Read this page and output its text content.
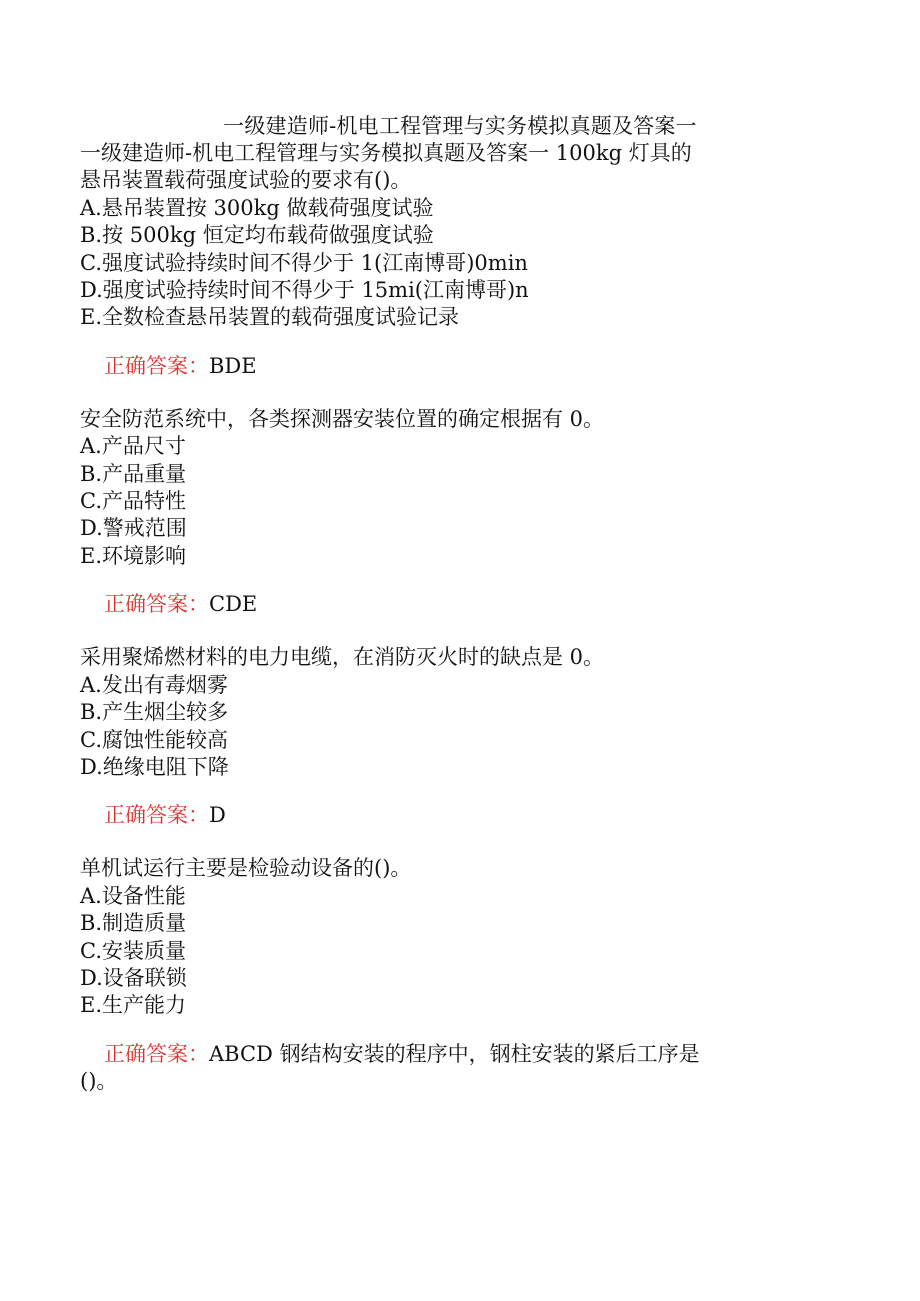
一级建造师-机电工程管理与实务模拟真题及答案一
一级建造师-机电工程管理与实务模拟真题及答案一 100kg 灯具的
悬吊装置载荷强度试验的要求有()。
A.悬吊装置按 300kg 做载荷强度试验
B.按 500kg 恒定均布载荷做强度试验
C.强度试验持续时间不得少于 1(江南博哥)0min
D.强度试验持续时间不得少于 15mi(江南博哥)n
E.全数检查悬吊装置的载荷强度试验记录
正确答案：BDE
安全防范系统中，各类探测器安装位置的确定根据有 0。
A.产品尺寸
B.产品重量
C.产品特性
D.警戒范围
E.环境影响
正确答案：CDE
采用聚烯燃材料的电力电缆，在消防灭火时的缺点是 0。
A.发出有毒烟雾
B.产生烟尘较多
C.腐蚀性能较高
D.绝缘电阻下降
正确答案：D
单机试运行主要是检验动设备的()。
A.设备性能
B.制造质量
C.安装质量
D.设备联锁
E.生产能力
正确答案：ABCD 钢结构安装的程序中，钢柱安装的紧后工序是()。
